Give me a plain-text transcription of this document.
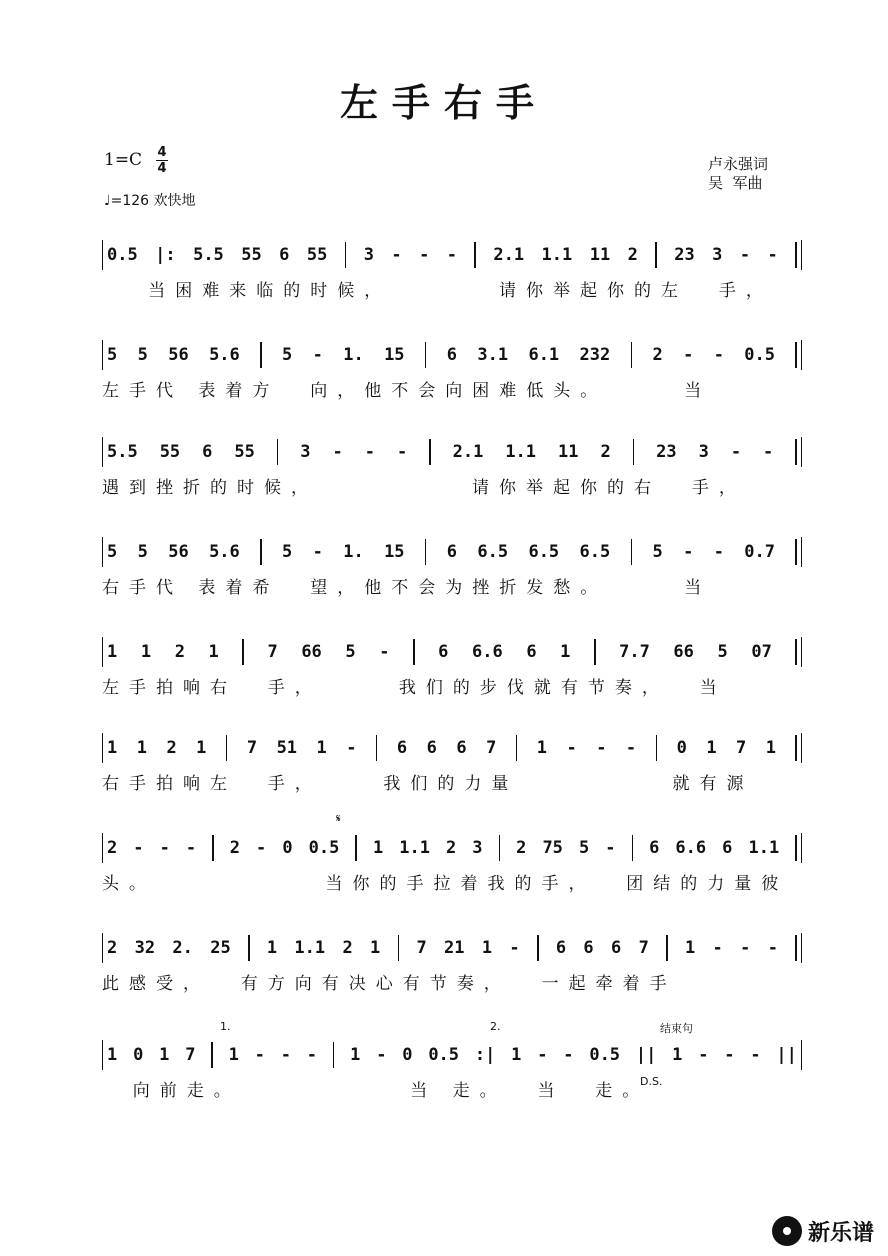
左手右手
1=C 4
4
♩=126 欢快地
卢永强词
吴  军曲
0.5 |: 5.5 55 6 55 3 - - - 2.1 1.1 11 2 23 3 - -
当困难来临的时候，       请你举起你的左  手，
5 5 56 5.6 5 - 1. 15 6 3.1 6.1 232 2 - - 0.5
左手代 表着方  向，他不会向困难低头。     当
5.5 55 6 55	3 - - -	2.1 1.1 11 2	23 3 - -
遇到挫折的时候，          请你举起你的右  手，
5 5 56 5.6 5 - 1. 15 6 6.5 6.5 6.5 5 - - 0.7
右手代 表着希  望，他不会为挫折发愁。     当
1 1 2 1	7 66 5 -	6 6.6 6 1	7.7 66 5 07
左手拍响右  手，     我们的步伐就有节奏，  当
1 1 2 1 7 51 1 - 6 6 6 7 1 - - - 0 1 7 1
右手拍响左  手，    我们的力量          就有源
2 - - - 2 - 0 0.5 1 1.1 2 3 2 75 5 - 6 6.6 6 1.1
头。           当你的手拉着我的手，  团结的力量彼
2 32 2. 25 1 1.1 2 1 7 21 1 - 6 6 6 7 1 - - -
此感受，  有方向有决心有节奏，  一起牵着手
1 0 1 7 1 - - - 1 - 0 0.5 :| 1 - - 0.5 || 1 - - - ||
向前走。           当 走。  当  走。
1.	2.	结束句
𝄋
D.S.
新乐谱
